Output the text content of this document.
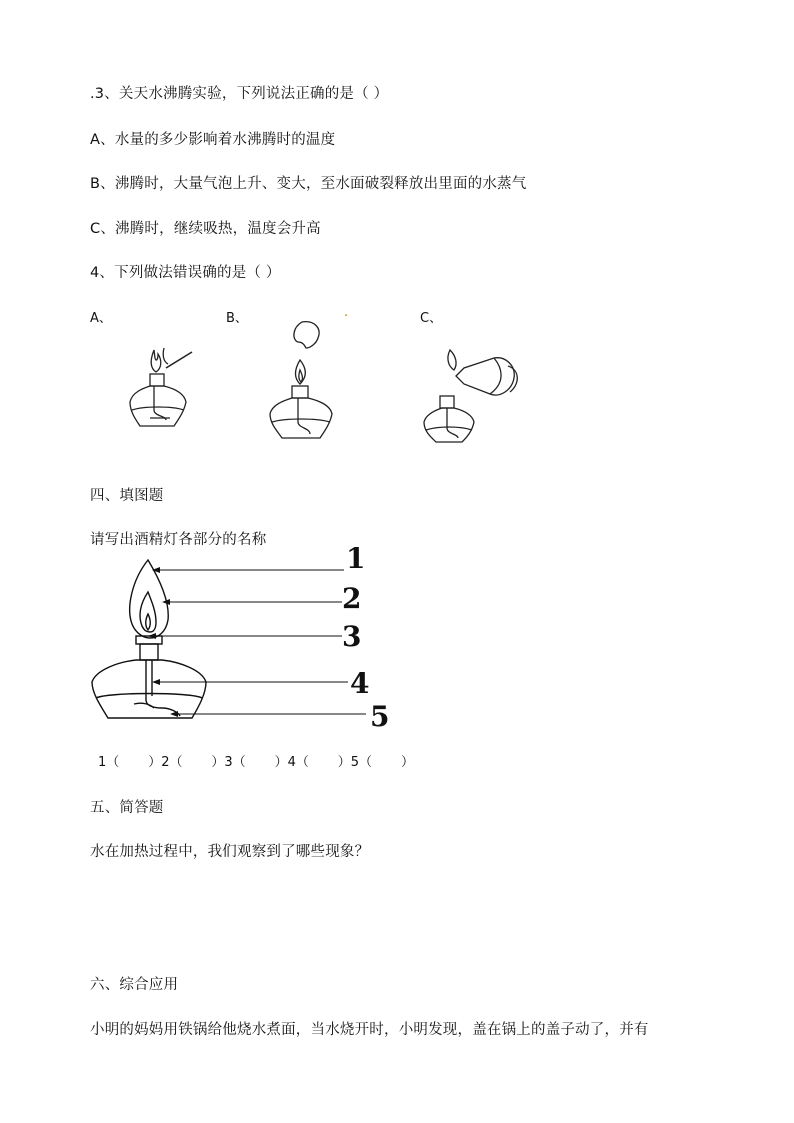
.3、关天水沸腾实验，下列说法正确的是（ ）
A、水量的多少影响着水沸腾时的温度
B、沸腾时，大量气泡上升、变大，至水面破裂释放出里面的水蒸气
C、沸腾时，继续吸热，温度会升高
4、下列做法错误确的是（ ）
A、	B、	.	C、
四、填图题
请写出酒精灯各部分的名称
1
2
3
4
5
1（       ）2（       ）3（       ）4（       ）5（       ）
五、简答题
水在加热过程中，我们观察到了哪些现象？
六、综合应用
小明的妈妈用铁锅给他烧水煮面，当水烧开时，小明发现，盖在锅上的盖子动了，并有
